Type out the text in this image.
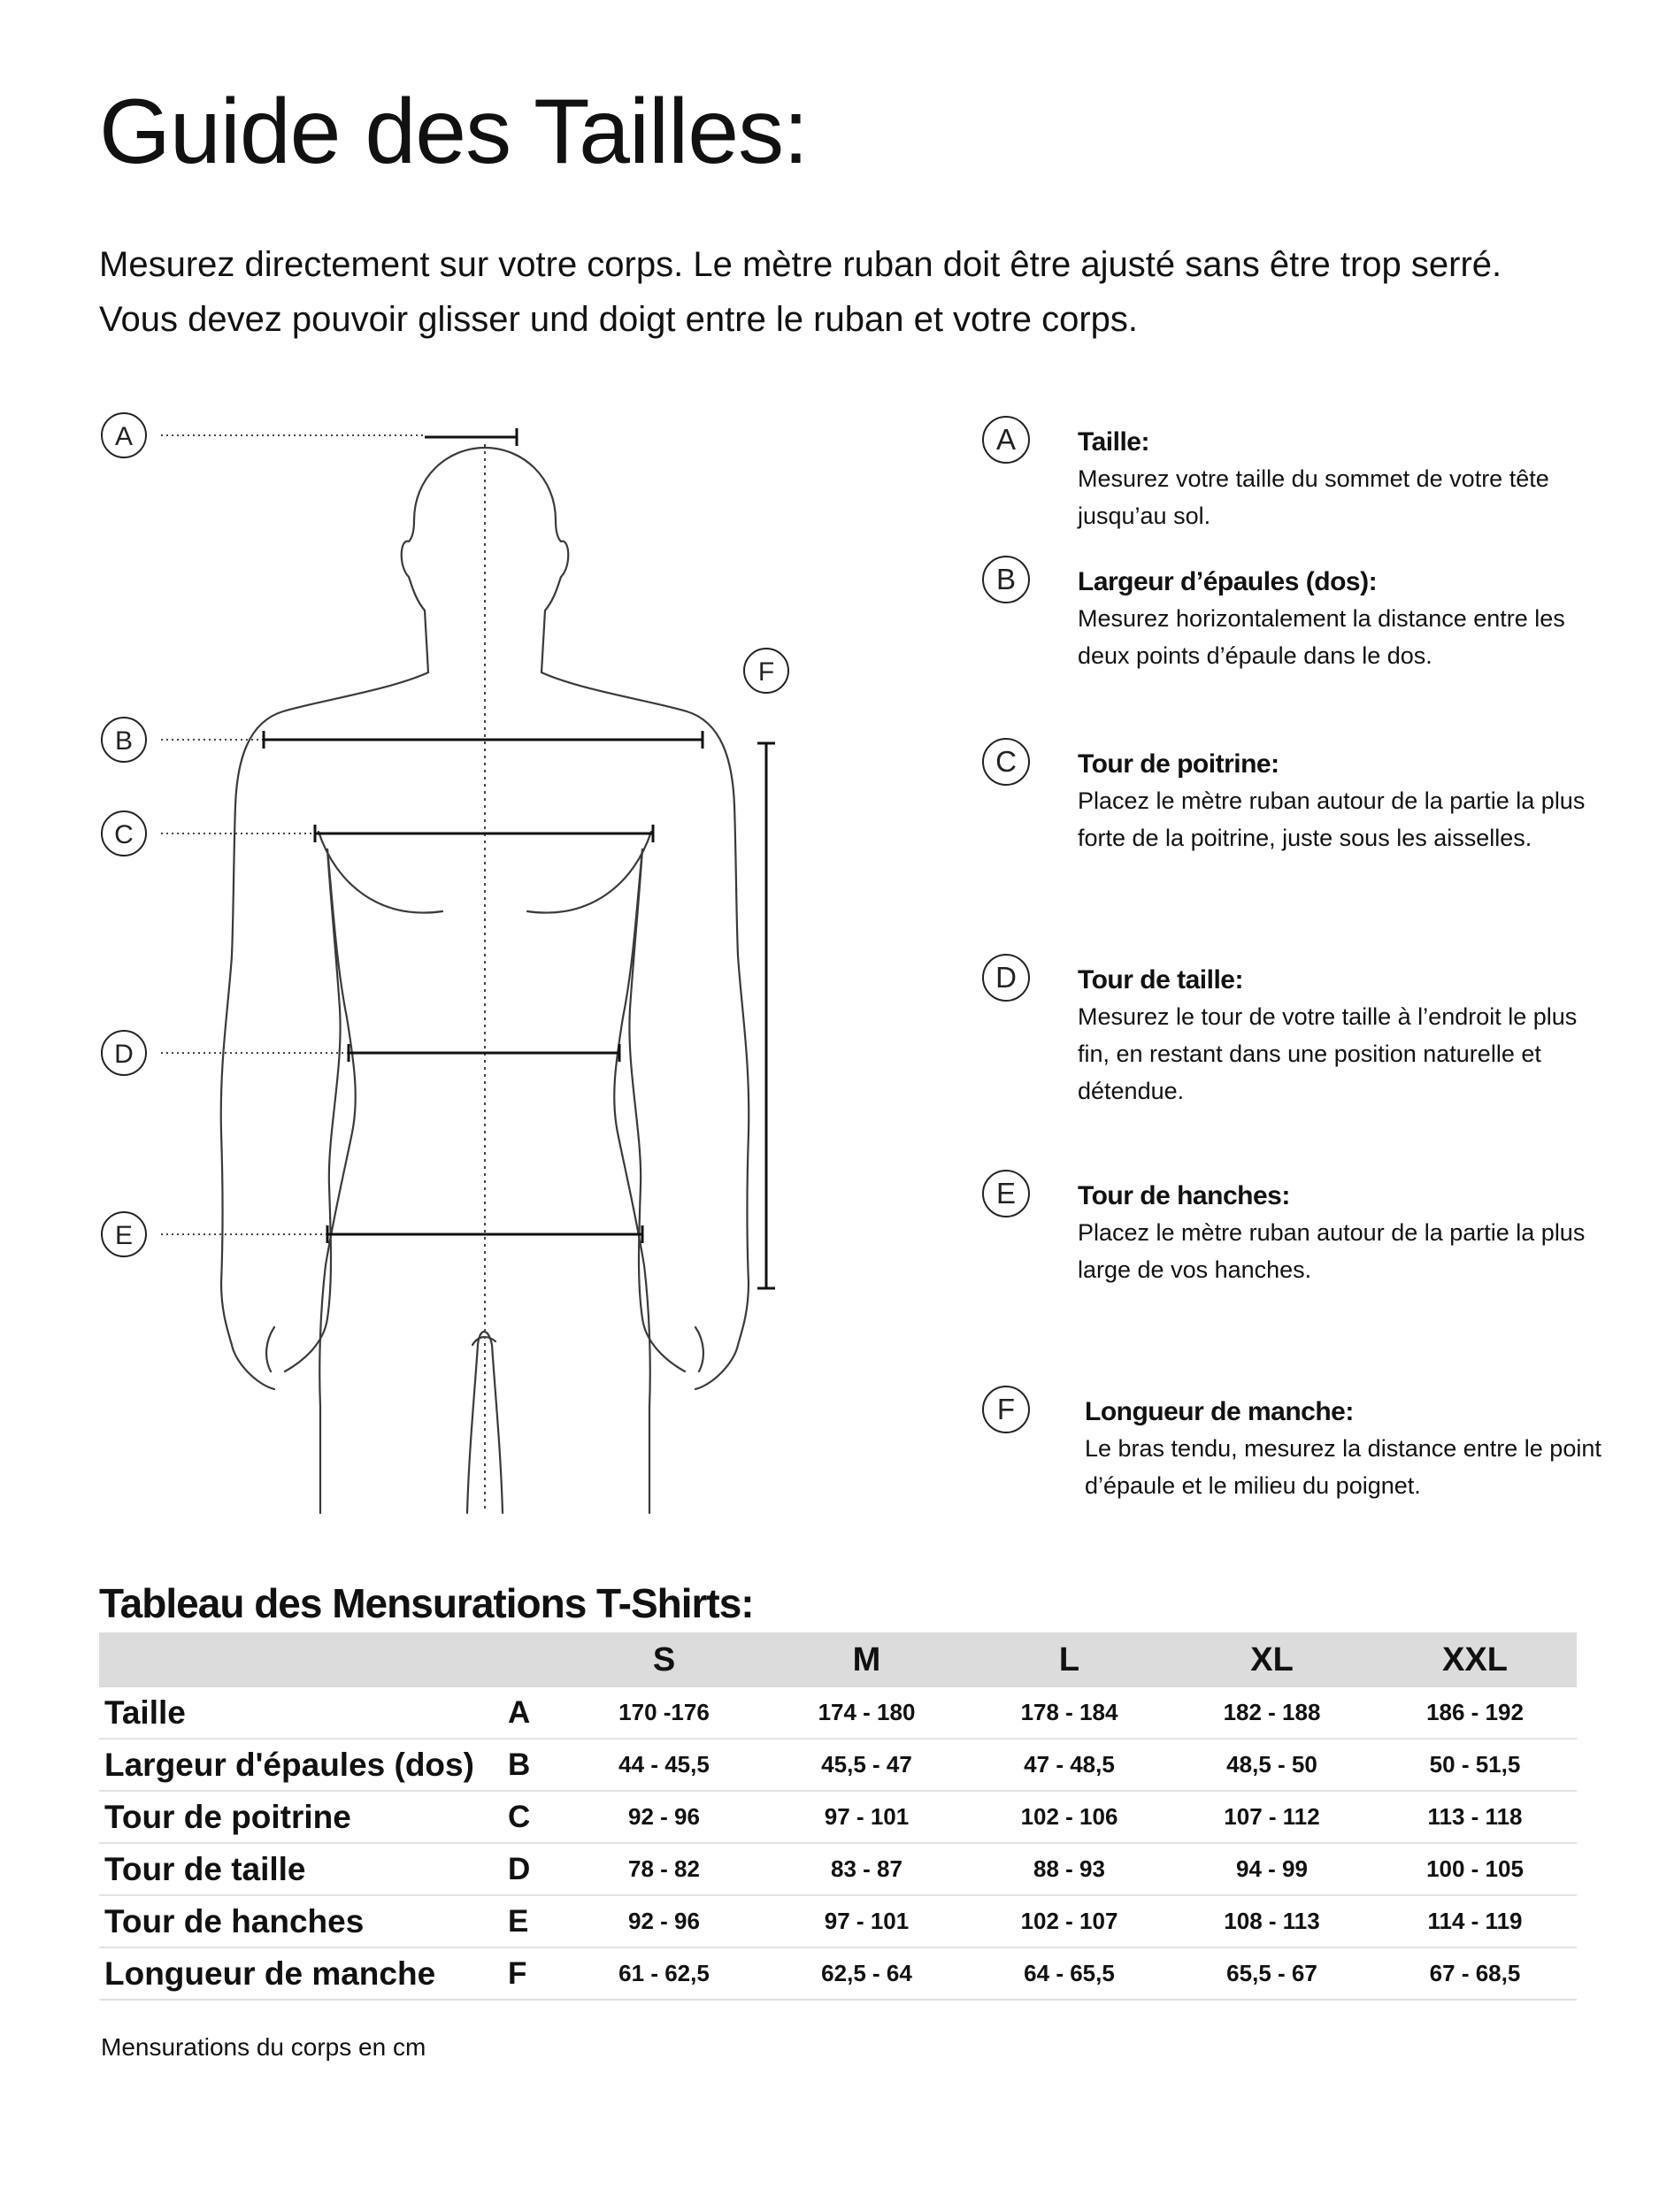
Guide des Tailles:

Mesurez directement sur votre corps. Le mètre ruban doit être ajusté sans être trop serré. Vous devez pouvoir glisser und doigt entre le ruban et votre corps.

A
B
C
D
E
F
A	Taille:
Mesurez votre taille du sommet de votre tête jusqu’au sol.
B	Largeur d’épaules (dos):
Mesurez horizontalement la distance entre les deux points d’épaule dans le dos.
C	Tour de poitrine:
Placez le mètre ruban autour de la partie la plus forte de la poitrine, juste sous les aisselles.
D	Tour de taille:
Mesurez le tour de votre taille à l’endroit le plus fin, en restant dans une position naturelle et détendue.
E	Tour de hanches:
Placez le mètre ruban autour de la partie la plus large de vos hanches.
F	Longueur de manche:
Le bras tendu, mesurez la distance entre le point d’épaule et le milieu du poignet.
Tableau des Mensurations T-Shirts:
		S	M	L	XL	XXL
Taille	A	170 -176	174 - 180	178 - 184	182 - 188	186 - 192
Largeur d'épaules (dos)	B	44 - 45,5	45,5 - 47	47 - 48,5	48,5 - 50	50 - 51,5
Tour de poitrine	C	92 - 96	97 - 101	102 - 106	107 - 112	113 - 118
Tour de taille	D	78 - 82	83 - 87	88 - 93	94 - 99	100 - 105
Tour de hanches	E	92 - 96	97 - 101	102 - 107	108 - 113	114 - 119
Longueur de manche	F	61 - 62,5	62,5 - 64	64 - 65,5	65,5 - 67	67 - 68,5

Mensurations du corps en cm
